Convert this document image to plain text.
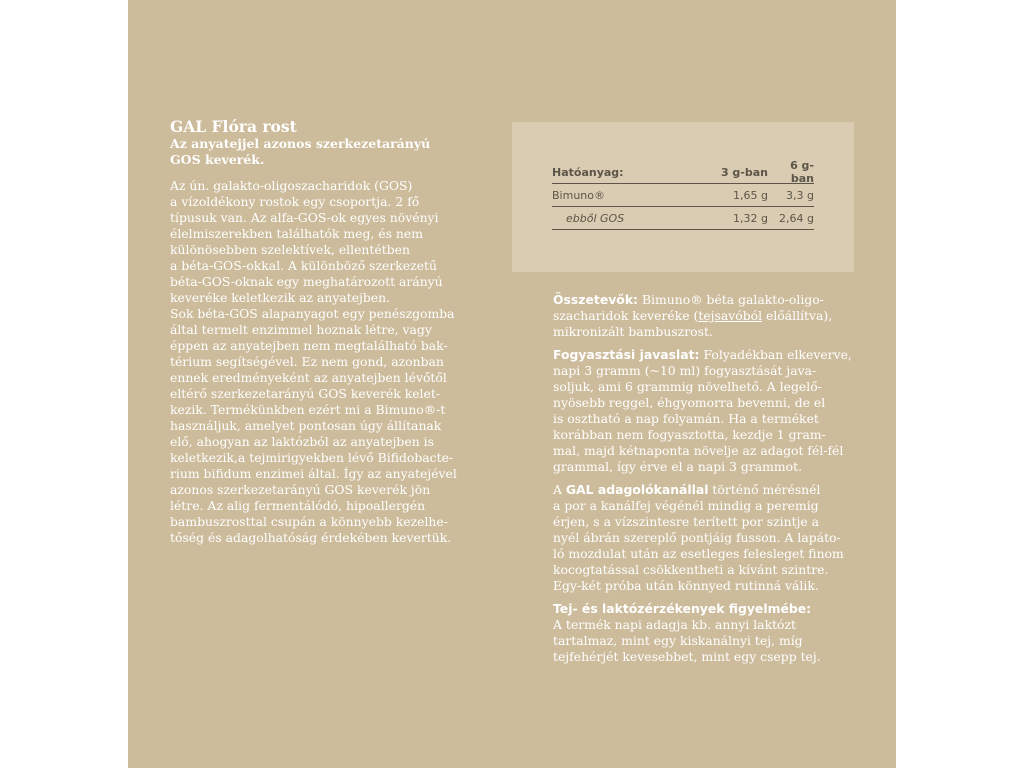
GAL Flóra rost

Az anyatejjel azonos szerkezetarányú
GOS keverék.

Az ún. galakto-oligoszacharidok (GOS)
a vízoldékony rostok egy csoportja. 2 fő
típusuk van. Az alfa-GOS-ok egyes növényi
élelmiszerekben találhatók meg, és nem
különösebben szelektívek, ellentétben
a béta-GOS-okkal. A különböző szerkezetű
béta-GOS-oknak egy meghatározott arányú
keveréke keletkezik az anyatejben.
Sok béta-GOS alapanyagot egy penészgomba
által termelt enzimmel hoznak létre, vagy
éppen az anyatejben nem megtalálható bak-
térium segítségével. Ez nem gond, azonban
ennek eredményeként az anyatejben lévőtől
eltérő szerkezetarányú GOS keverék kelet-
kezik. Termékünkben ezért mi a Bimuno®-t
használjuk, amelyet pontosan úgy állítanak
elő, ahogyan az laktózból az anyatejben is
keletkezik,a tejmirigyekben lévő Bifidobacte-
rium bifidum enzimei által. Így az anyatejével
azonos szerkezetarányú GOS keverék jön
létre. Az alig fermentálódó, hipoallergén
bambuszrosttal csupán a könnyebb kezelhe-
tőség és adagolhatóság érdekében kevertük.

Hatóanyag:	3 g-ban	6 g-ban
Bimuno®	1,65 g	3,3 g
ebből GOS	1,32 g	2,64 g
Összetevők: Bimuno® béta galakto-oligo-
szacharidok keveréke (tejsavóból előállítva),
mikronizált bambuszrost.
Fogyasztási javaslat: Folyadékban elkeverve,
napi 3 gramm (~10 ml) fogyasztását java-
soljuk, ami 6 grammig növelhető. A legelő-
nyösebb reggel, éhgyomorra bevenni, de el
is osztható a nap folyamán. Ha a terméket
korábban nem fogyasztotta, kezdje 1 gram-
mal, majd kétnaponta növelje az adagot fél-fél
grammal, így érve el a napi 3 grammot.
A GAL adagolókanállal történő mérésnél
a por a kanálfej végénél mindig a peremig
érjen, s a vízszintesre terített por szintje a
nyél ábrán szereplő pontjáig fusson. A lapáto-
ló mozdulat után az esetleges felesleget finom
kocogtatással csökkentheti a kívánt szintre.
Egy-két próba után könnyed rutinná válik.
Tej- és laktózérzékenyek figyelmébe:
A termék napi adagja kb. annyi laktózt
tartalmaz, mint egy kiskanálnyi tej, míg
tejfehérjét kevesebbet, mint egy csepp tej.
